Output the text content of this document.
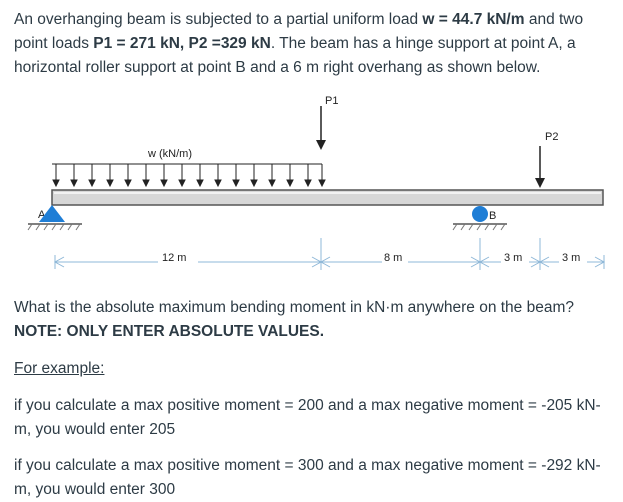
An overhanging beam is subjected to a partial uniform load w = 44.7 kN/m and two point loads P1 = 271 kN, P2 =329 kN. The beam has a hinge support at point A, a horizontal roller support at point B and a 6 m right overhang as shown below.

P1
P2
w (kN/m)
A	B
12 m	8 m	3 m	3 m

What is the absolute maximum bending moment in kN·m anywhere on the beam?

NOTE: ONLY ENTER ABSOLUTE VALUES.

For example:

if you calculate a max positive moment = 200 and a max negative moment = -205 kN-m, you would enter 205

if you calculate a max positive moment = 300 and a max negative moment = -292 kN-m, you would enter 300
